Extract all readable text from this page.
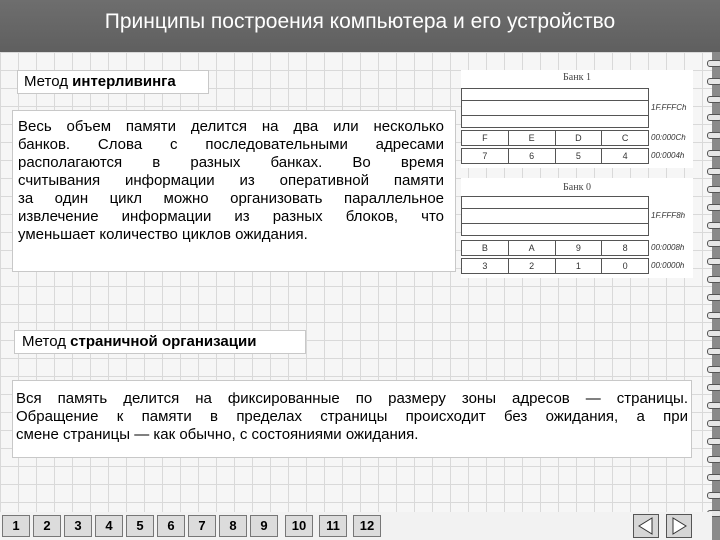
Принципы построения компьютера и его устройство
Метод интерливинга
Весь объем памяти делится на два или несколько
банков. Слова с последовательными адресами
располагаются в разных банках. Во время
считывания информации из оперативной памяти
за один цикл можно организовать параллельное
извлечение информации из разных блоков, что
уменьшает количество циклов ожидания.
Банк 1
1F.FFFCh
F	E	D	C	00:000Ch
7	6	5	4	00:0004h
Банк 0
1F.FFF8h
B	A	9	8	00:0008h
3	2	1	0	00:0000h
Метод страничной организации
Вся память делится на фиксированные по размеру зоны адресов — страницы.
Обращение к памяти в пределах страницы происходит без ожидания, а при
смене страницы — как обычно, с состояниями ожидания.
1	2	3	4	5	6	7	8	9	10	11	12
